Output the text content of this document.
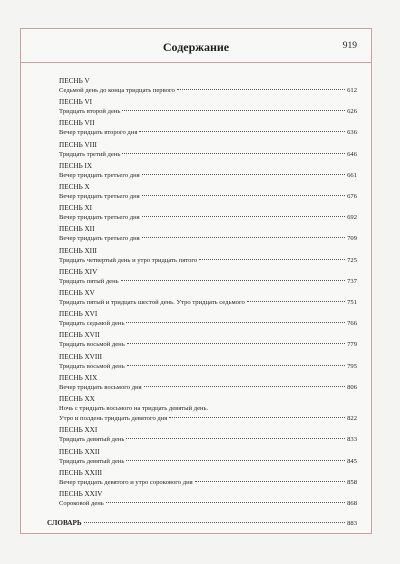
Содержание	919
ПЕСНЬ V
Седьмой день до конца тридцать первого	612
ПЕСНЬ VI
Тридцать второй день	626
ПЕСНЬ VII
Вечер тридцать второго дня	636
ПЕСНЬ VIII
Тридцать третий день	646
ПЕСНЬ IX
Вечер тридцать третьего дня	661
ПЕСНЬ X
Вечер тридцать третьего дня	676
ПЕСНЬ XI
Вечер тридцать третьего дня	692
ПЕСНЬ XII
Вечер тридцать третьего дня	709
ПЕСНЬ XIII
Тридцать четвертый день и утро тридцать пятого	725
ПЕСНЬ XIV
Тридцать пятый день	737
ПЕСНЬ XV
Тридцать пятый и тридцать шестой день. Утро тридцать седьмого	751
ПЕСНЬ XVI
Тридцать седьмой день	766
ПЕСНЬ XVII
Тридцать восьмой день	779
ПЕСНЬ XVIII
Тридцать восьмой день	795
ПЕСНЬ XIX
Вечер тридцать восьмого дня	806
ПЕСНЬ XX
Ночь с тридцать восьмого на тридцать девятый день.
Утро и полдень тридцать девятого дня	822
ПЕСНЬ XXI
Тридцать девятый день	833
ПЕСНЬ XXII
Тридцать девятый день	845
ПЕСНЬ XXIII
Вечер тридцать девятого и утро сорокового дня	858
ПЕСНЬ XXIV
Сороковой день	868
СЛОВАРЬ	883
